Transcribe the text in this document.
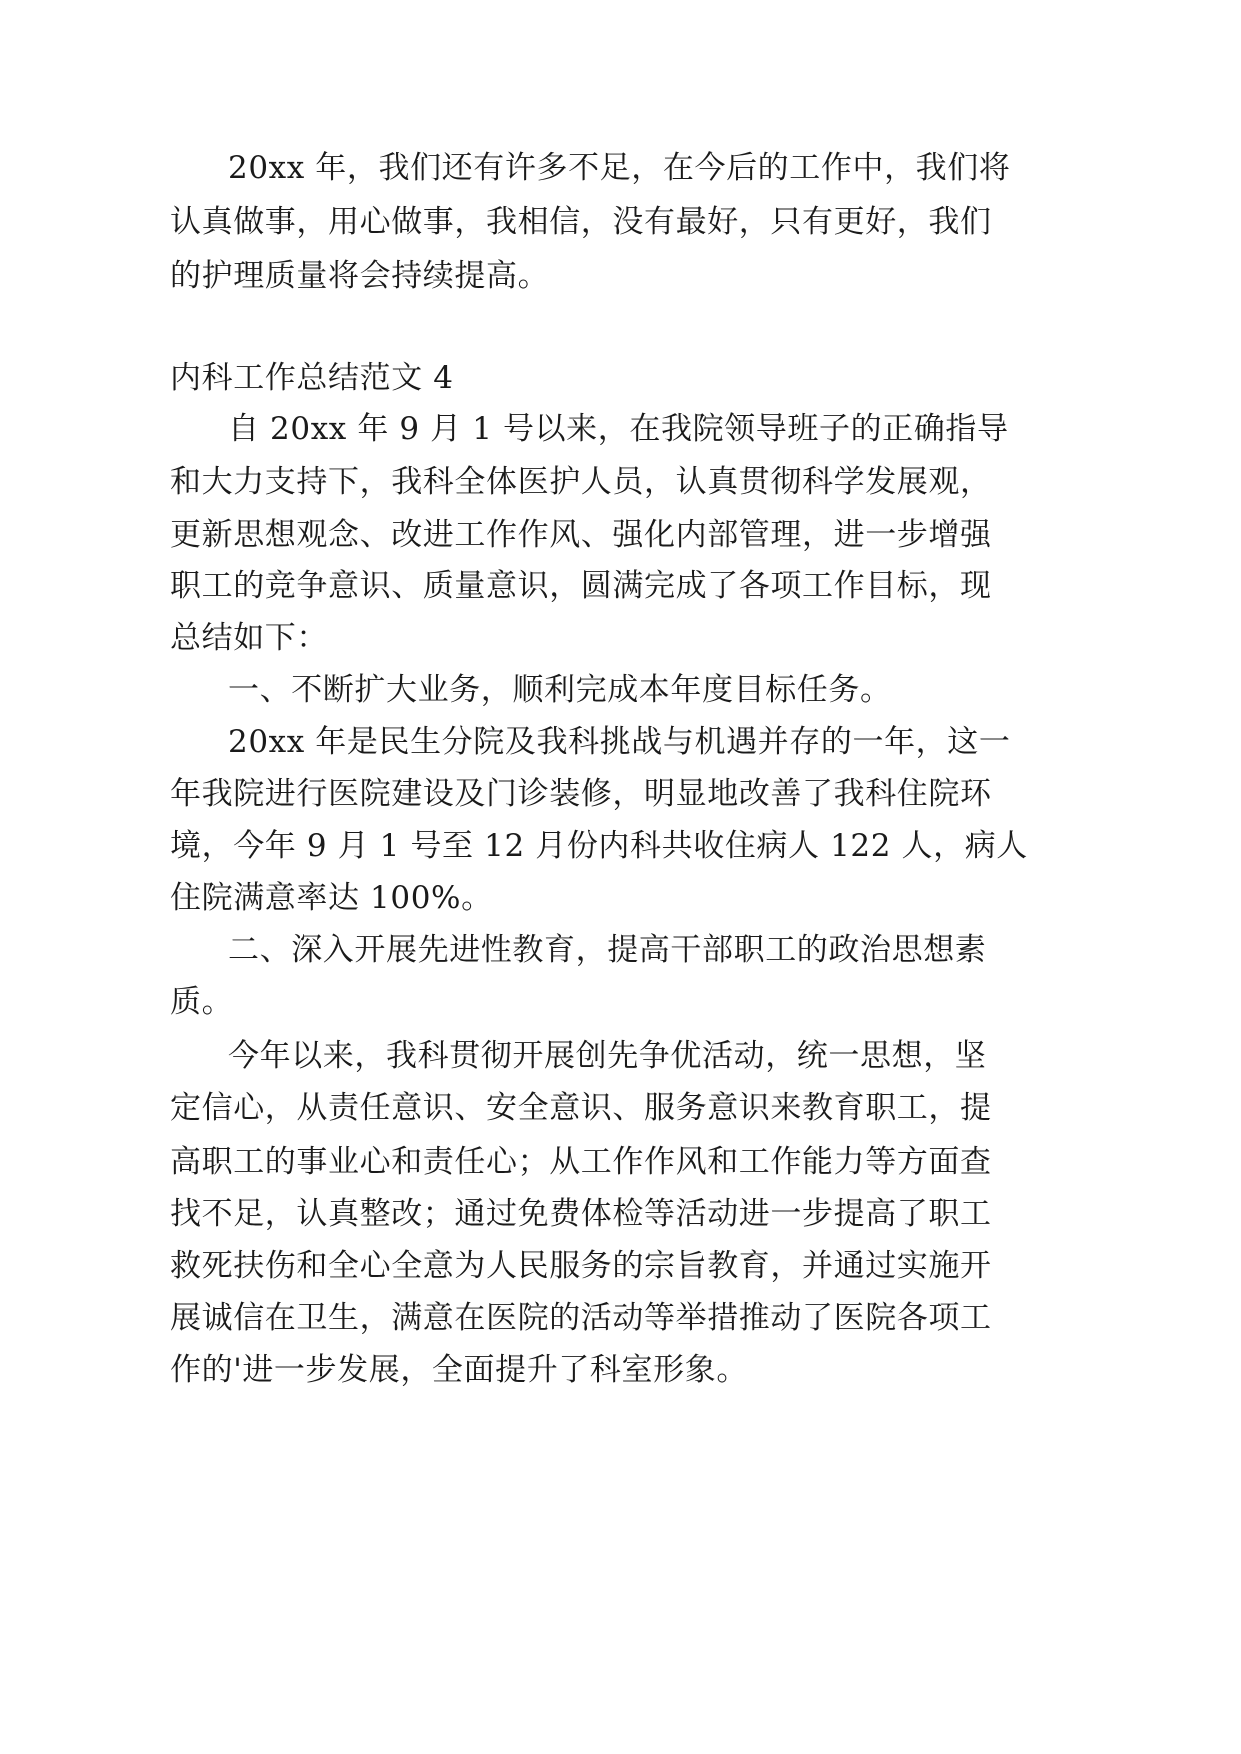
20xx 年，我们还有许多不足，在今后的工作中，我们将

认真做事，用心做事，我相信，没有最好，只有更好，我们

的护理质量将会持续提高。

内科工作总结范文 4

自 20xx 年 9 月 1 号以来，在我院领导班子的正确指导

和大力支持下，我科全体医护人员，认真贯彻科学发展观，

更新思想观念、改进工作作风、强化内部管理，进一步增强

职工的竞争意识、质量意识，圆满完成了各项工作目标，现

总结如下：

一、不断扩大业务，顺利完成本年度目标任务。

20xx 年是民生分院及我科挑战与机遇并存的一年，这一

年我院进行医院建设及门诊装修，明显地改善了我科住院环

境，今年 9 月 1 号至 12 月份内科共收住病人 122 人，病人

住院满意率达 100%。

二、深入开展先进性教育，提高干部职工的政治思想素

质。

今年以来，我科贯彻开展创先争优活动，统一思想，坚

定信心，从责任意识、安全意识、服务意识来教育职工，提

高职工的事业心和责任心；从工作作风和工作能力等方面查

找不足，认真整改；通过免费体检等活动进一步提高了职工

救死扶伤和全心全意为人民服务的宗旨教育，并通过实施开

展诚信在卫生，满意在医院的活动等举措推动了医院各项工

作的'进一步发展，全面提升了科室形象。
